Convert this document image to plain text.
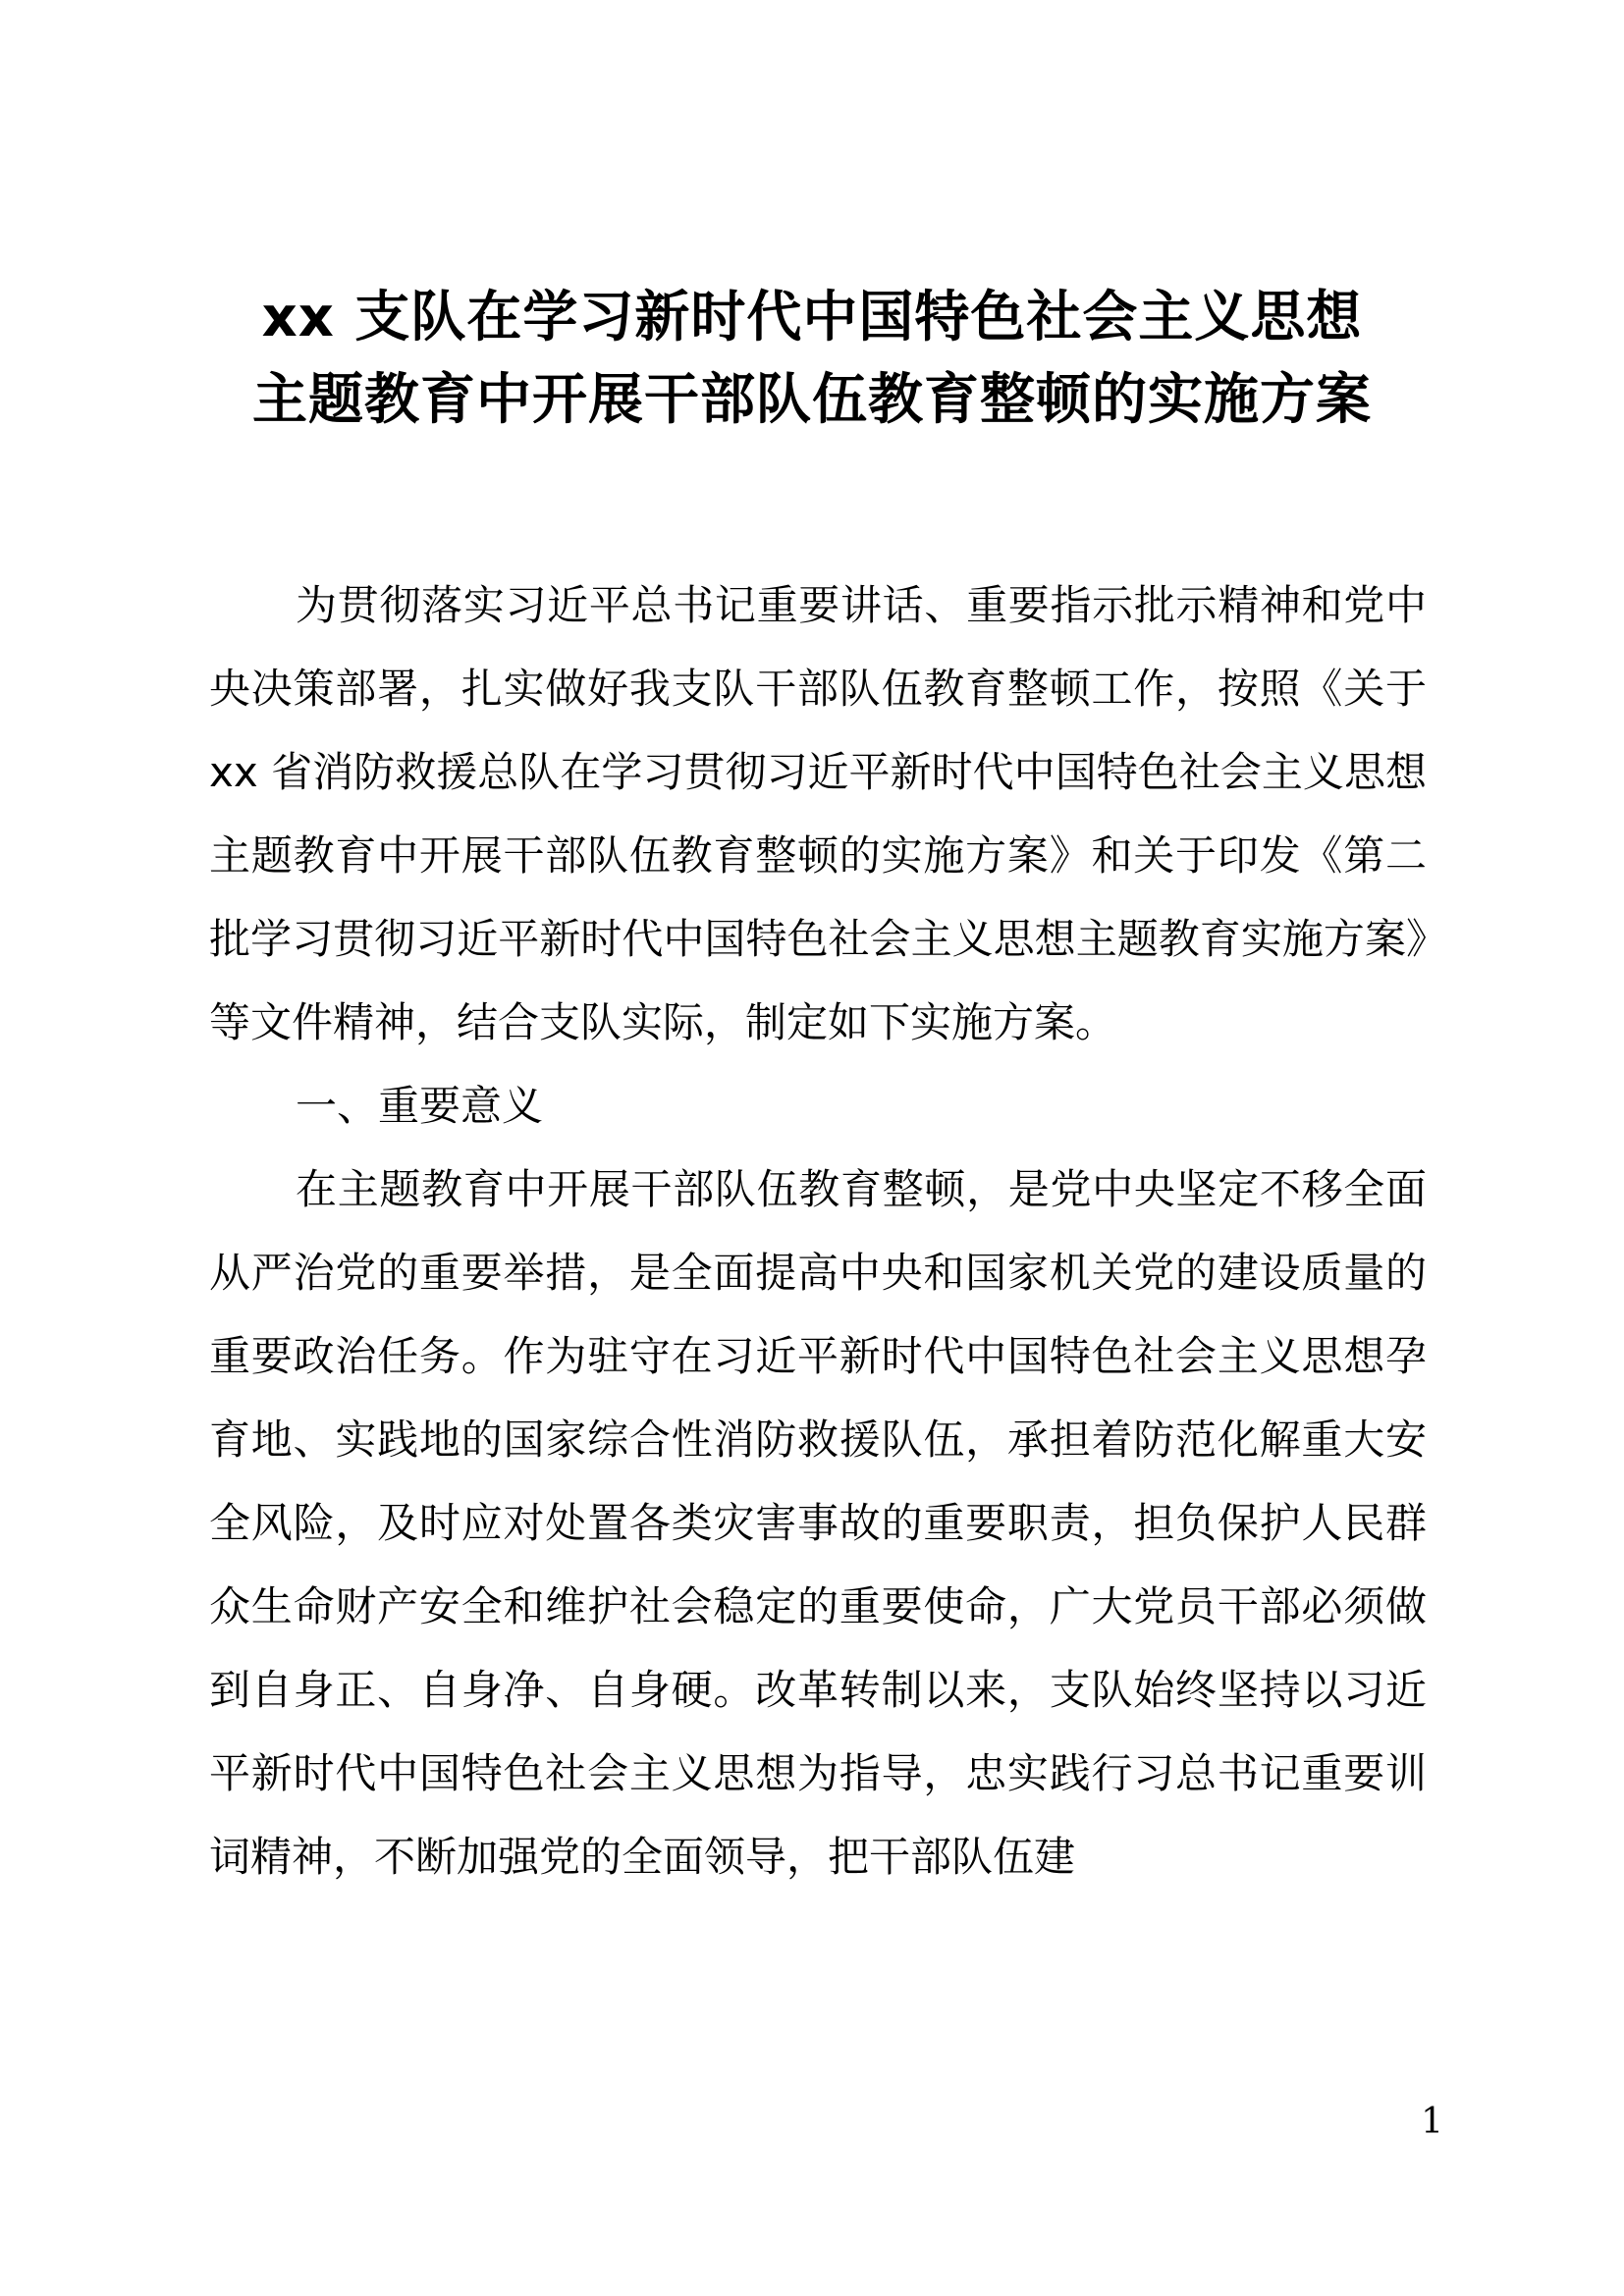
xx 支队在学习新时代中国特色社会主义思想
主题教育中开展干部队伍教育整顿的实施方案

为贯彻落实习近平总书记重要讲话、重要指示批示精神和党中央决策部署，扎实做好我支队干部队伍教育整顿工作，按照《关于 xx 省消防救援总队在学习贯彻习近平新时代中国特色社会主义思想主题教育中开展干部队伍教育整顿的实施方案》和关于印发《第二批学习贯彻习近平新时代中国特色社会主义思想主题教育实施方案》等文件精神，结合支队实际，制定如下实施方案。

一、重要意义

在主题教育中开展干部队伍教育整顿，是党中央坚定不移全面从严治党的重要举措，是全面提高中央和国家机关党的建设质量的重要政治任务。作为驻守在习近平新时代中国特色社会主义思想孕育地、实践地的国家综合性消防救援队伍，承担着防范化解重大安全风险，及时应对处置各类灾害事故的重要职责，担负保护人民群众生命财产安全和维护社会稳定的重要使命，广大党员干部必须做到自身正、自身净、自身硬。改革转制以来，支队始终坚持以习近平新时代中国特色社会主义思想为指导，忠实践行习总书记重要训词精神，不断加强党的全面领导，把干部队伍建

1
